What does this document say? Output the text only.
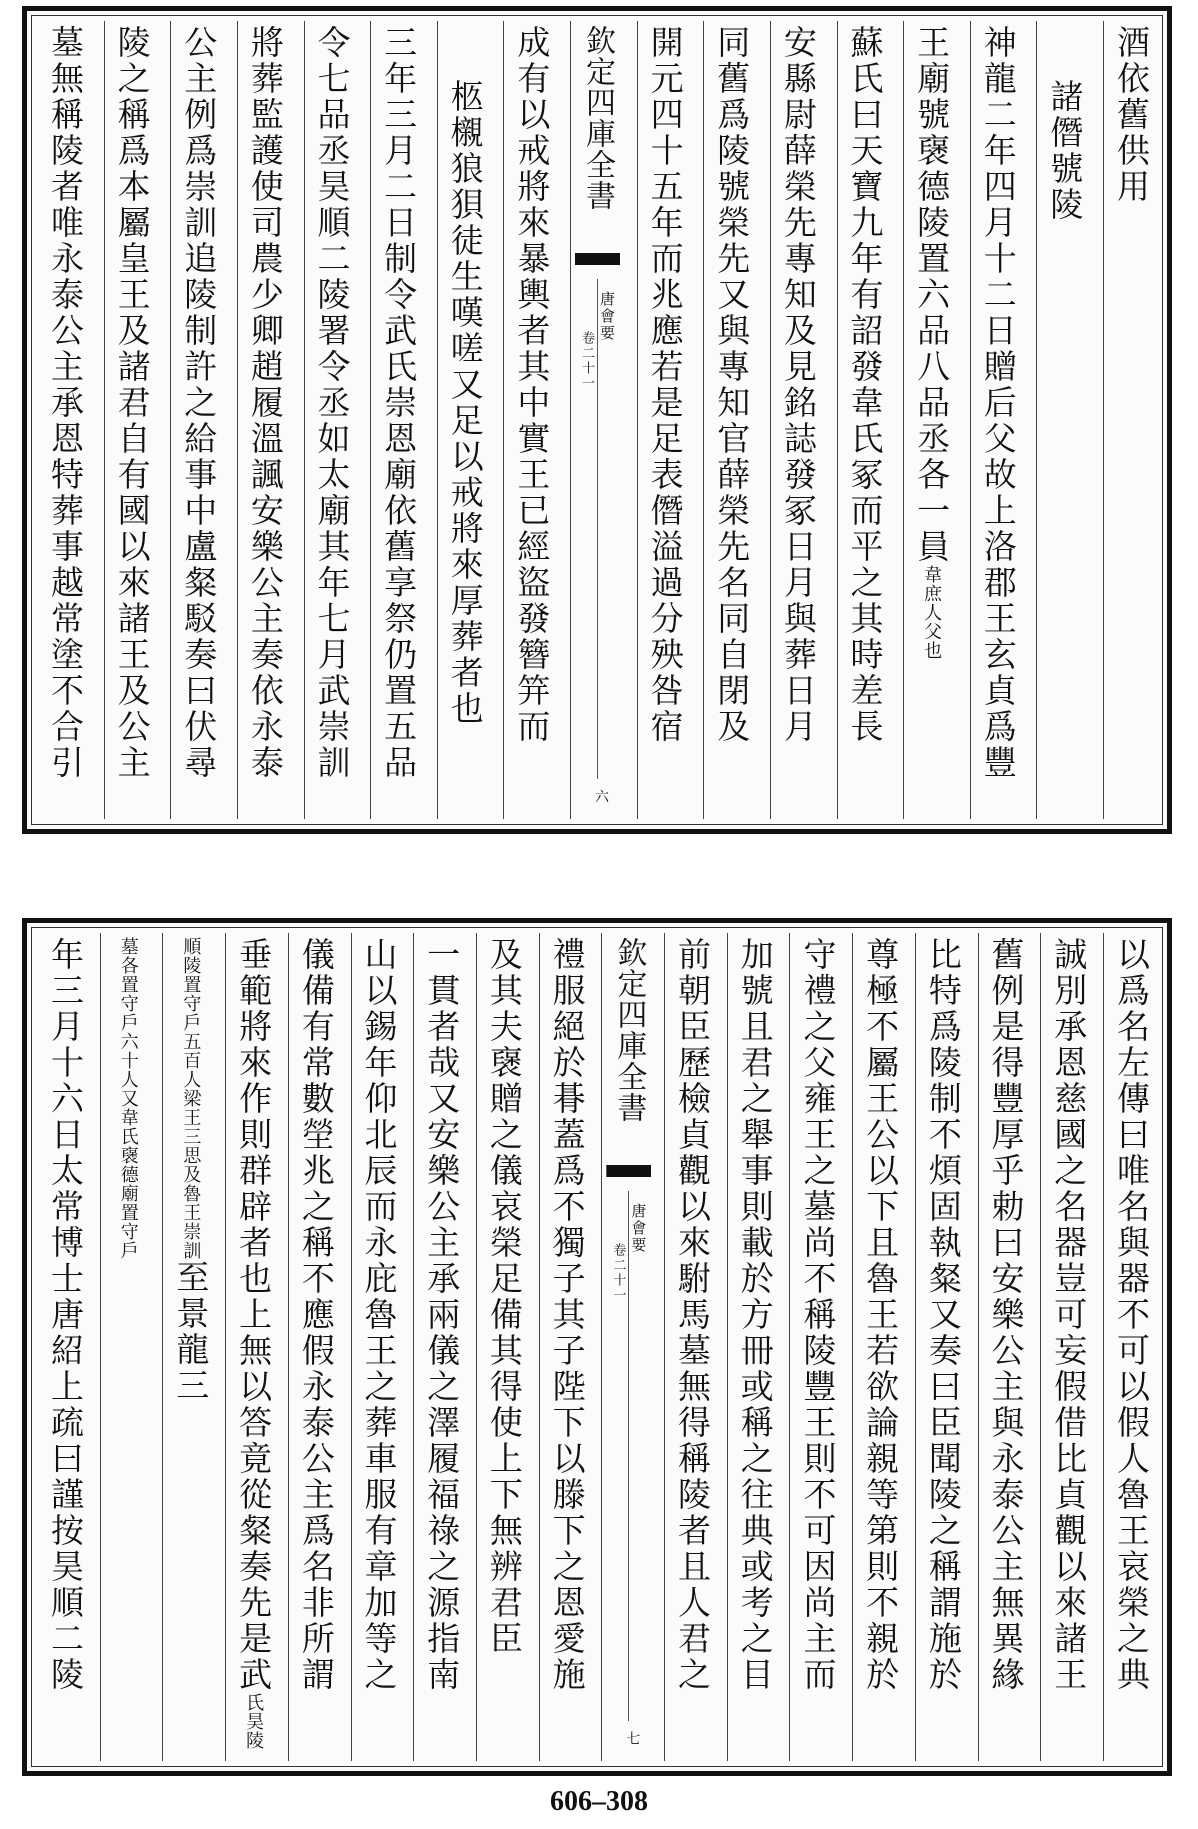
酒依舊供用
諸僭號陵
神龍二年四月十二日贈后父故上洛郡王玄貞爲豐
王廟號襃德陵置六品八品丞各一員韋庶人父也
蘇氏曰天寶九年有詔發韋氏冢而平之其時差長
安縣尉薛榮先專知及見銘誌發冢日月與葬日月
同舊爲陵號榮先又與專知官薛榮先名同自閉及
開元四十五年而兆應若是足表僭溢過分殃咎宿
欽定四庫全書
唐會要
卷二十一
六
成有以戒將來暴輿者其中實王已經盜發簪笄而
柩櫬狼狽徒生嘆嗟又足以戒將來厚葬者也
三年三月二日制令武氏崇恩廟依舊享祭仍置五品
令七品丞昊順二陵署令丞如太廟其年七月武崇訓
將葬監護使司農少卿趙履溫諷安樂公主奏依永泰
公主例爲崇訓追陵制許之給事中盧粲駁奏曰伏尋
陵之稱爲本屬皇王及諸君自有國以來諸王及公主
墓無稱陵者唯永泰公主承恩特葬事越常塗不合引
以爲名左傳曰唯名與器不可以假人魯王哀榮之典
誠別承恩慈國之名器豈可妄假借比貞觀以來諸王
舊例是得豐厚乎勅曰安樂公主與永泰公主無異緣
比特爲陵制不煩固執粲又奏曰臣聞陵之稱謂施於
尊極不屬王公以下且魯王若欲論親等第則不親於
守禮之父雍王之墓尚不稱陵豐王則不可因尚主而
加號且君之舉事則載於方冊或稱之往典或考之目
前朝臣歷檢貞觀以來駙馬墓無得稱陵者且人君之
欽定四庫全書
唐會要
卷二十一
七
禮服絕於朞蓋爲不獨子其子陛下以滕下之恩愛施
及其夫襃贈之儀哀榮足備其得使上下無辨君臣
一貫者哉又安樂公主承兩儀之澤履福祿之源指南
山以錫年仰北辰而永庇魯王之葬車服有章加等之
儀備有常數塋兆之稱不應假永泰公主爲名非所謂
垂範將來作則群辟者也上無以答竟從粲奏先是武氏昊陵
順陵置守戶五百人梁王三思及魯王崇訓至景龍三
墓各置守戶六十人又韋氏襃德廟置守戶
年三月十六日太常博士唐紹上疏曰謹按昊順二陵
606–308
